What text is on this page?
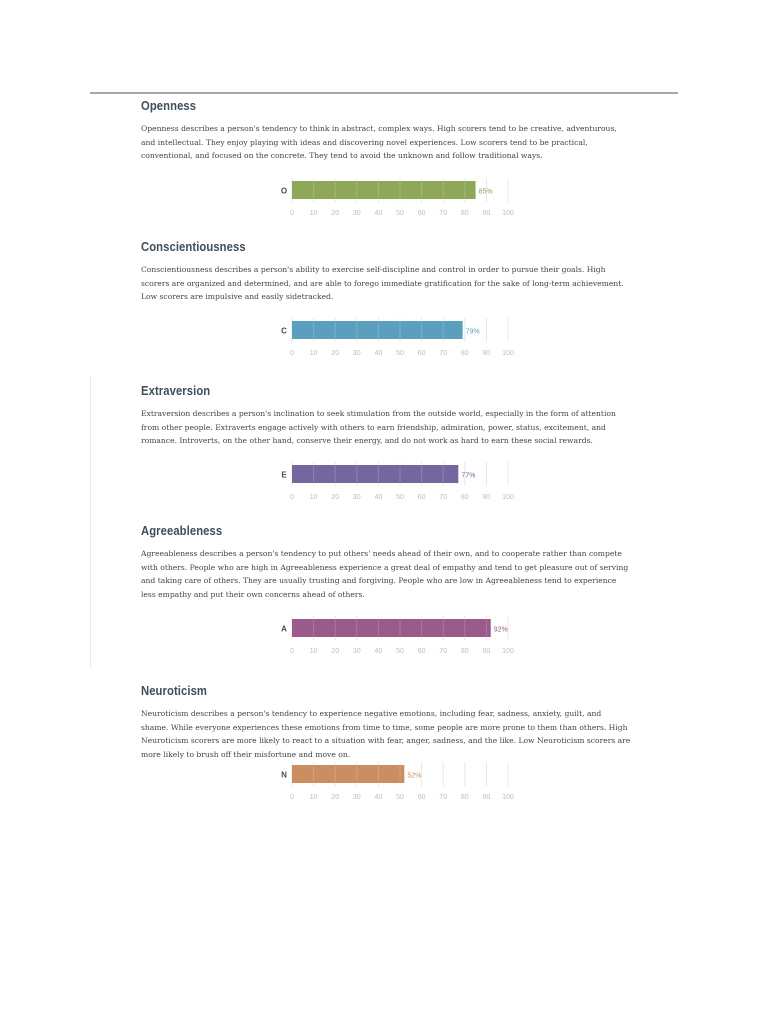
Openness

Openness describes a person's tendency to think in abstract, complex ways. High scorers tend to be creative, adventurous, and intellectual. They enjoy playing with ideas and discovering novel experiences. Low scorers tend to be practical, conventional, and focused on the concrete. They tend to avoid the unknown and follow traditional ways.

O	85%
0 10 20 30 40 50 60 70 80 90 100
Conscientiousness

Conscientiousness describes a person's ability to exercise self-discipline and control in order to pursue their goals. High scorers are organized and determined, and are able to forego immediate gratification for the sake of long-term achievement. Low scorers are impulsive and easily sidetracked.

C	79%
0 10 20 30 40 50 60 70 80 90 100
Extraversion

Extraversion describes a person's inclination to seek stimulation from the outside world, especially in the form of attention from other people. Extraverts engage actively with others to earn friendship, admiration, power, status, excitement, and romance. Introverts, on the other hand, conserve their energy, and do not work as hard to earn these social rewards.

E	77%
0 10 20 30 40 50 60 70 80 90 100
Agreeableness

Agreeableness describes a person's tendency to put others' needs ahead of their own, and to cooperate rather than compete with others. People who are high in Agreeableness experience a great deal of empathy and tend to get pleasure out of serving and taking care of others. They are usually trusting and forgiving. People who are low in Agreeableness tend to experience less empathy and put their own concerns ahead of others.

A	92%
0 10 20 30 40 50 60 70 80 90 100
Neuroticism

Neuroticism describes a person's tendency to experience negative emotions, including fear, sadness, anxiety, guilt, and shame. While everyone experiences these emotions from time to time, some people are more prone to them than others. High Neuroticism scorers are more likely to react to a situation with fear, anger, sadness, and the like. Low Neuroticism scorers are more likely to brush off their misfortune and move on.

N	52%
0 10 20 30 40 50 60 70 80 90 100
